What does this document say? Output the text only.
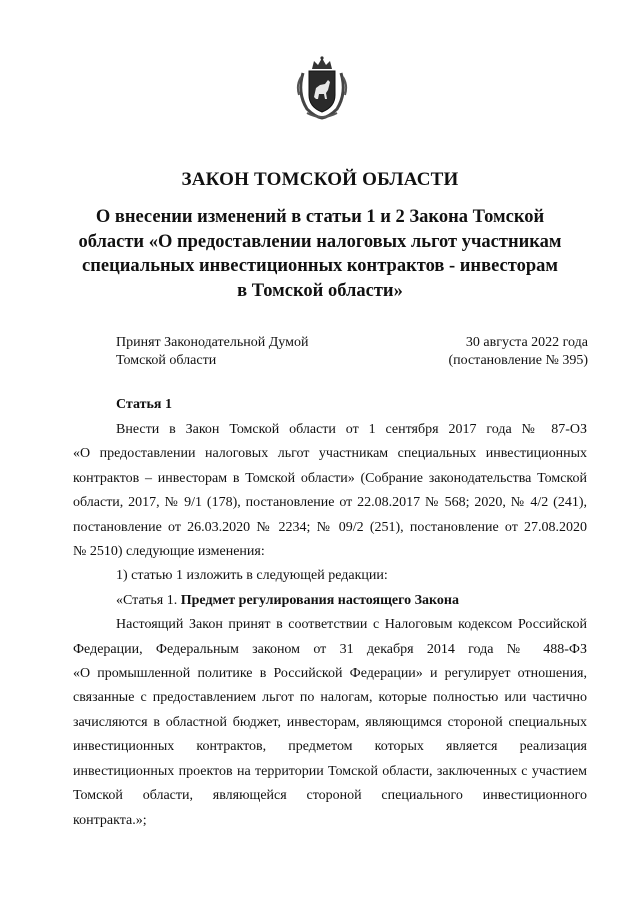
ЗАКОН ТОМСКОЙ ОБЛАСТИ
О внесении изменений в статьи 1 и 2 Закона Томской
области «О предоставлении налоговых льгот участникам
специальных инвестиционных контрактов - инвесторам
в Томской области»
Принят Законодательной Думой
Томской области
30 августа 2022 года
(постановление № 395)
Статья 1
Внести в Закон Томской области от 1 сентября 2017 года № 87-ОЗ
«О предоставлении налоговых льгот участникам специальных инвестиционных
контрактов – инвесторам в Томской области» (Собрание законодательства Томской
области, 2017, № 9/1 (178), постановление от 22.08.2017 № 568; 2020, № 4/2 (241),
постановление от 26.03.2020 № 2234; № 09/2 (251), постановление от 27.08.2020
№ 2510) следующие изменения:
1) статью 1 изложить в следующей редакции:
«Статья 1. Предмет регулирования настоящего Закона
Настоящий Закон принят в соответствии с Налоговым кодексом Российской
Федерации, Федеральным законом от 31 декабря 2014 года № 488-ФЗ
«О промышленной политике в Российской Федерации» и регулирует отношения,
связанные с предоставлением льгот по налогам, которые полностью или частично
зачисляются в областной бюджет, инвесторам, являющимся стороной специальных
инвестиционных контрактов, предметом которых является реализация
инвестиционных проектов на территории Томской области, заключенных с участием
Томской области, являющейся стороной специального инвестиционного
контракта.»;
